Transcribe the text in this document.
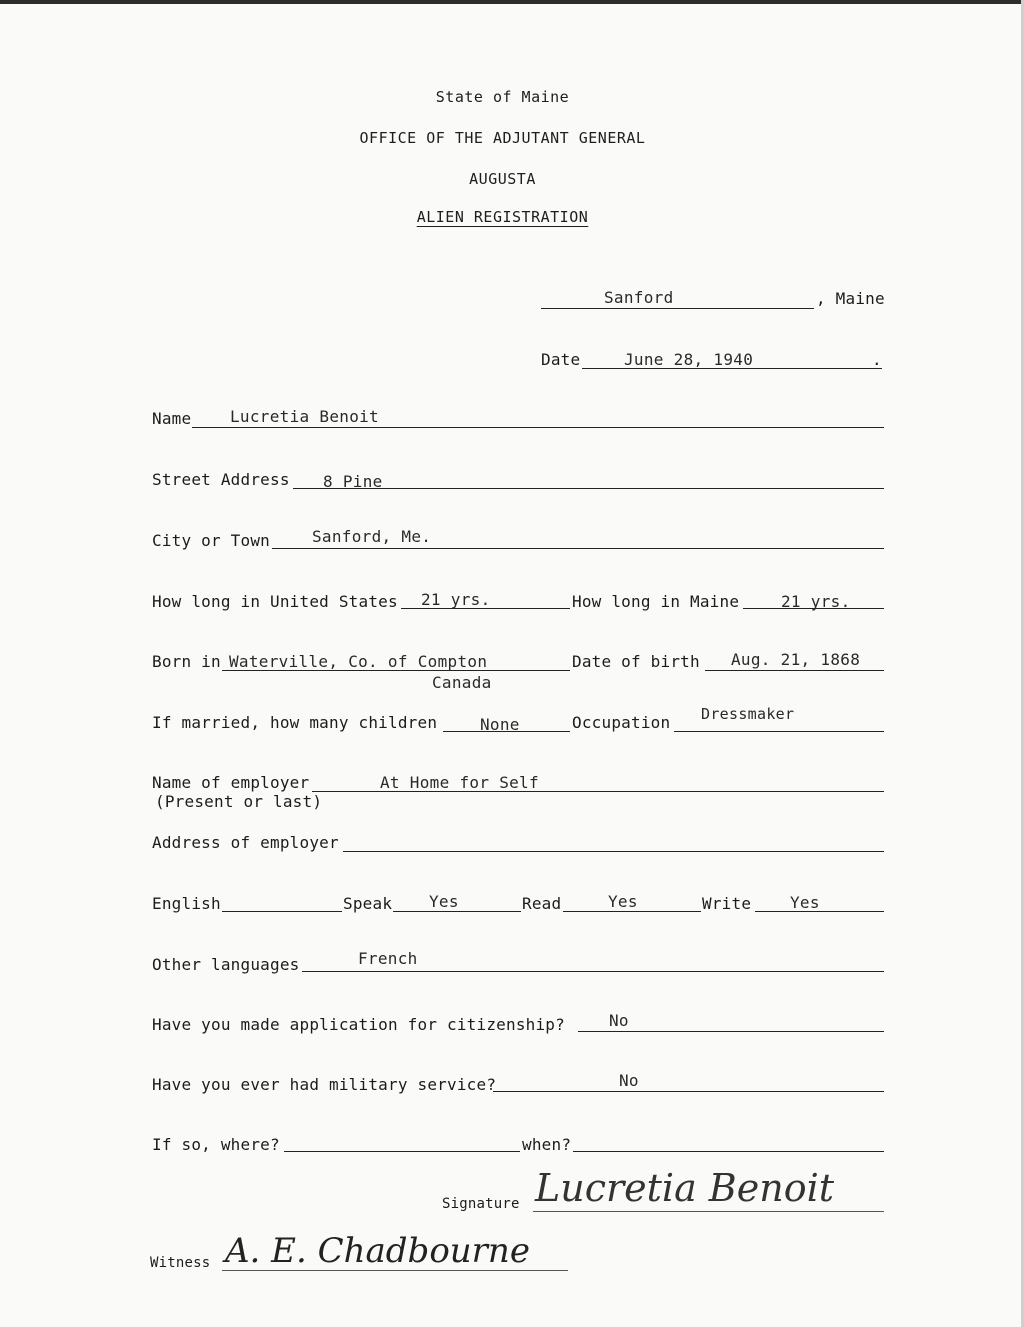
State of Maine
OFFICE OF THE ADJUTANT GENERAL
AUGUSTA
ALIEN REGISTRATION
Sanford	, Maine
Date	June 28, 1940	.
Name Lucretia Benoit
Street Address 8 Pine
City or Town	Sanford, Me.
How long in United States 21 yrs.	How long in Maine	21 yrs.
Born in Waterville, Co. of Compton
Canada
Date of birth Aug. 21, 1868
If married, how many children	None	Occupation Dressmaker
Name of employer
(Present or last)
At Home for Self
Address of employer
English	Speak Yes	Read	Yes	Write Yes
Other languages	French
Have you made application for citizenship?	No
Have you ever had military service?	No
If so, where?	when?
Signature Lucretia Benoit
Witness A. E. Chadbourne
